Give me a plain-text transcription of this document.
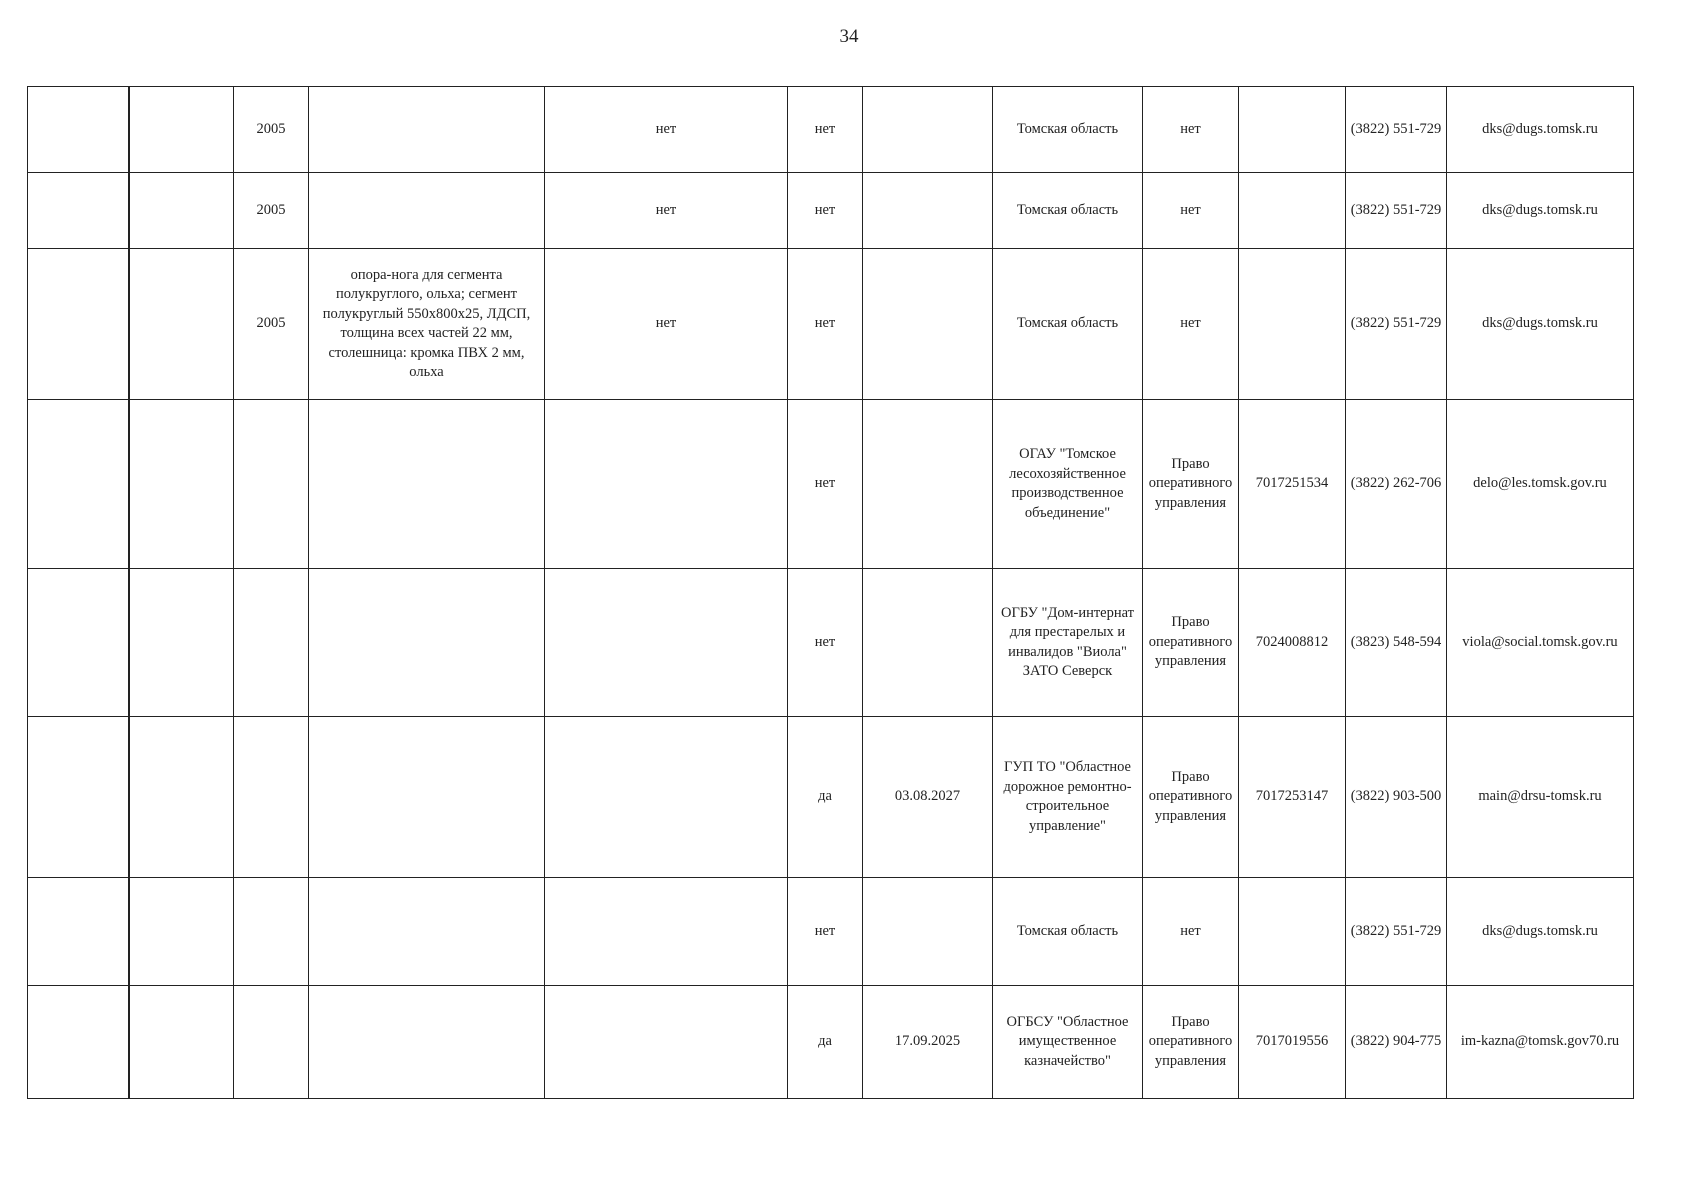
34
		2005		нет	нет		Томская область	нет		(3822) 551-729	dks@dugs.tomsk.ru
		2005		нет	нет		Томская область	нет		(3822) 551-729	dks@dugs.tomsk.ru
		2005	опора-нога для сегмента полукруглого, ольха; сегмент полукруглый 550х800х25, ЛДСП, толщина всех частей 22 мм, столешница: кромка ПВХ 2 мм, ольха	нет	нет		Томская область	нет		(3822) 551-729	dks@dugs.tomsk.ru
					нет		ОГАУ "Томское лесохозяйственное производственное объединение"	Право оперативного управления	7017251534	(3822) 262-706	delo@les.tomsk.gov.ru
					нет		ОГБУ "Дом-интернат для престарелых и инвалидов "Виола" ЗАТО Северск	Право оперативного управления	7024008812	(3823) 548-594	viola@social.tomsk.gov.ru
					да	03.08.2027	ГУП ТО "Областное дорожное ремонтно-строительное управление"	Право оперативного управления	7017253147	(3822) 903-500	main@drsu-tomsk.ru
					нет		Томская область	нет		(3822) 551-729	dks@dugs.tomsk.ru
					да	17.09.2025	ОГБСУ "Областное имущественное казначейство"	Право оперативного управления	7017019556	(3822) 904-775	im-kazna@tomsk.gov70.ru
